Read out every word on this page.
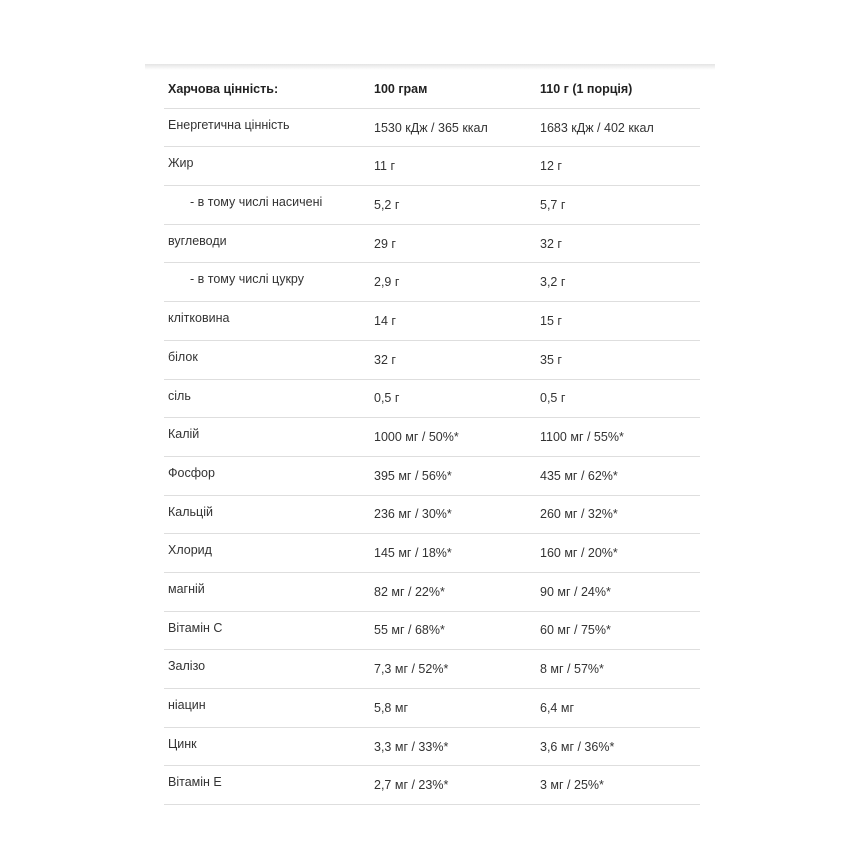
Харчова цінність:	100 грам	110 г (1 порція)
Енергетична цінність	1530 кДж / 365 ккал	1683 кДж / 402 ккал
Жир	11 г	12 г
- в тому числі насичені	5,2 г	5,7 г
вуглеводи	29 г	32 г
- в тому числі цукру	2,9 г	3,2 г
клітковина	14 г	15 г
білок	32 г	35 г
сіль	0,5 г	0,5 г
Калій	1000 мг / 50%*	1100 мг / 55%*
Фосфор	395 мг / 56%*	435 мг / 62%*
Кальцій	236 мг / 30%*	260 мг / 32%*
Хлорид	145 мг / 18%*	160 мг / 20%*
магній	82 мг / 22%*	90 мг / 24%*
Вітамін С	55 мг / 68%*	60 мг / 75%*
Залізо	7,3 мг / 52%*	8 мг / 57%*
ніацин	5,8 мг	6,4 мг
Цинк	3,3 мг / 33%*	3,6 мг / 36%*
Вітамін Е	2,7 мг / 23%*	3 мг / 25%*
